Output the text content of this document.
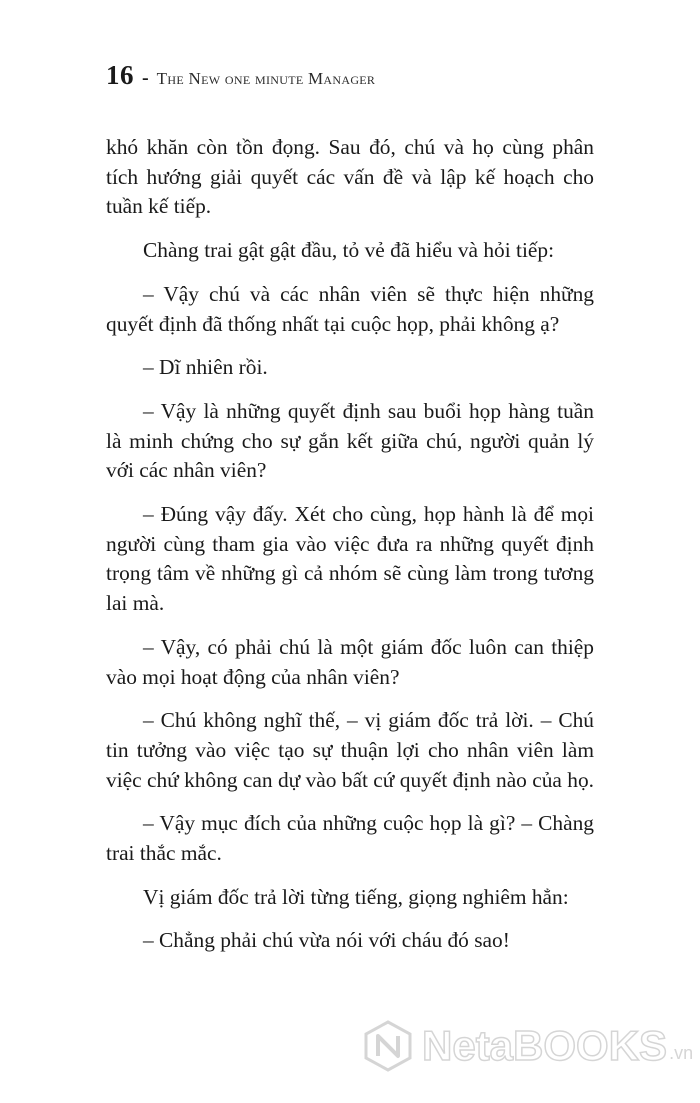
16 - The New one minute Manager

khó khăn còn tồn đọng. Sau đó, chú và họ cùng phân tích hướng giải quyết các vấn đề và lập kế hoạch cho tuần kế tiếp.

Chàng trai gật gật đầu, tỏ vẻ đã hiểu và hỏi tiếp:

– Vậy chú và các nhân viên sẽ thực hiện những quyết định đã thống nhất tại cuộc họp, phải không ạ?

– Dĩ nhiên rồi.

– Vậy là những quyết định sau buổi họp hàng tuần là minh chứng cho sự gắn kết giữa chú, người quản lý với các nhân viên?

– Đúng vậy đấy. Xét cho cùng, họp hành là để mọi người cùng tham gia vào việc đưa ra những quyết định trọng tâm về những gì cả nhóm sẽ cùng làm trong tương lai mà.

– Vậy, có phải chú là một giám đốc luôn can thiệp vào mọi hoạt động của nhân viên?

– Chú không nghĩ thế, – vị giám đốc trả lời. – Chú tin tưởng vào việc tạo sự thuận lợi cho nhân viên làm việc chứ không can dự vào bất cứ quyết định nào của họ.

– Vậy mục đích của những cuộc họp là gì? – Chàng trai thắc mắc.

Vị giám đốc trả lời từng tiếng, giọng nghiêm hẳn:

– Chẳng phải chú vừa nói với cháu đó sao!

NetaBOOKS .vn
